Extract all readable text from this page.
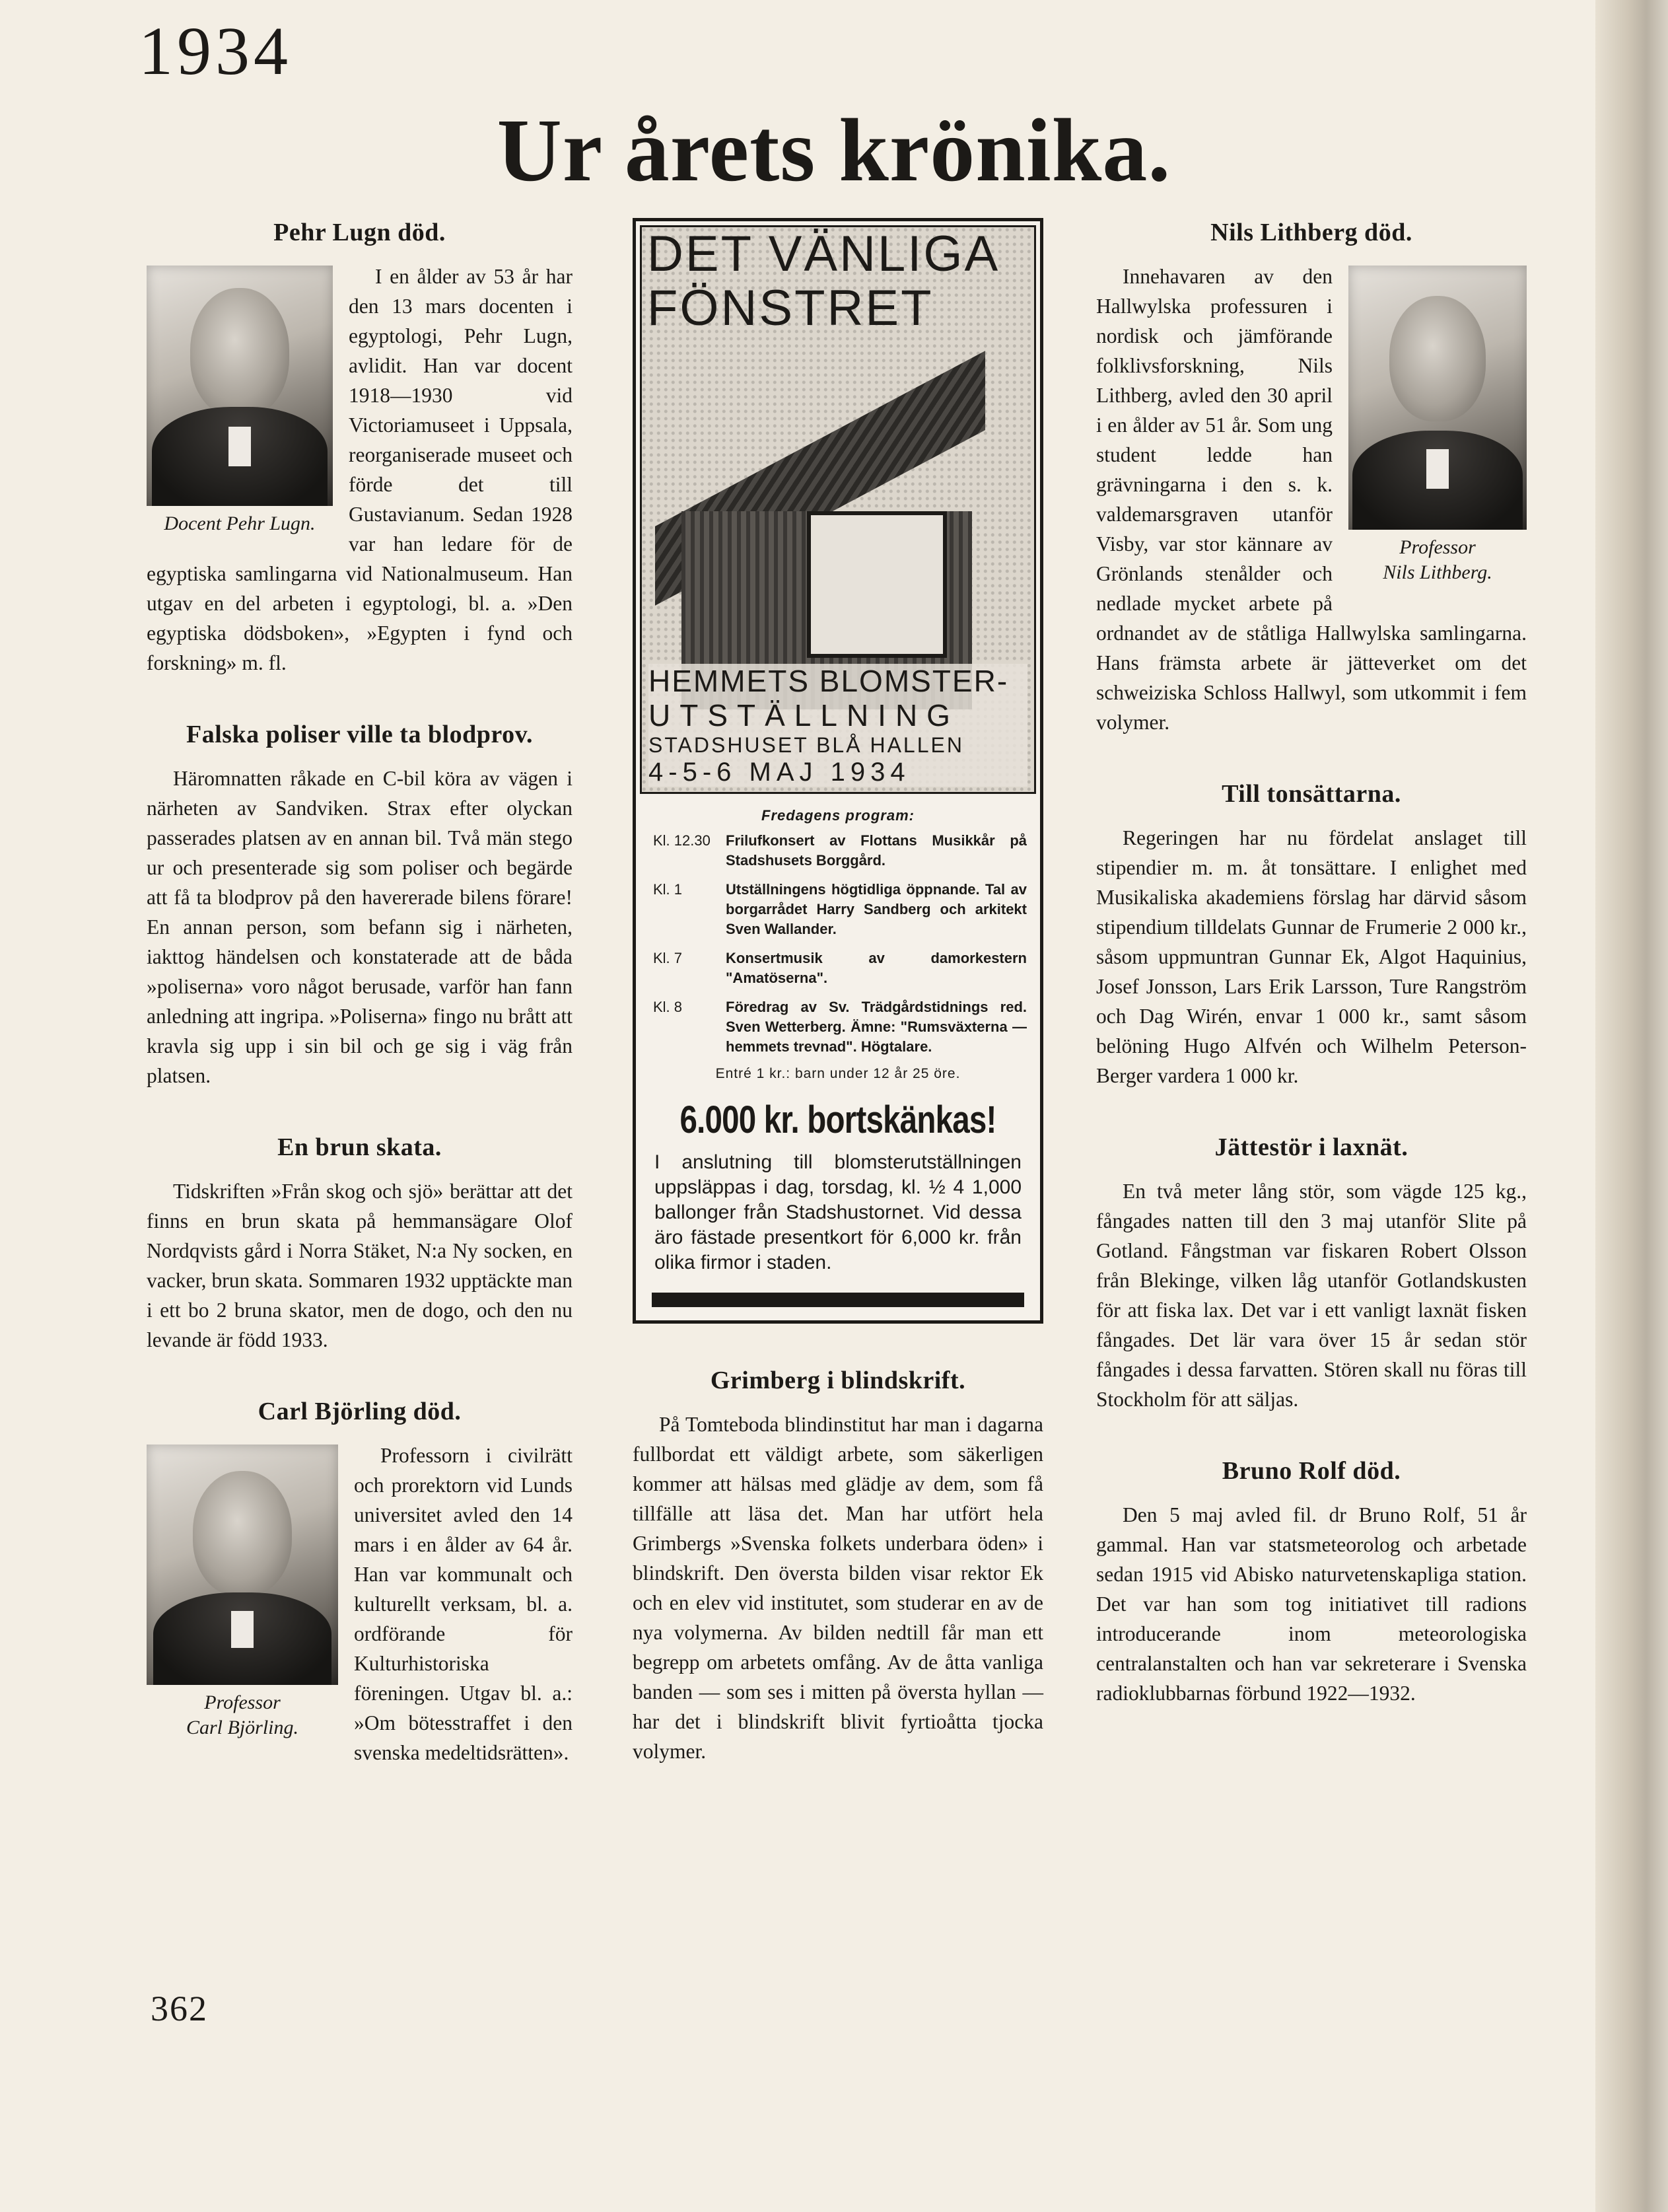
1934
Ur årets krönika.
Pehr Lugn död.
Docent Pehr Lugn.

I en ålder av 53 år har den 13 mars docenten i egyptologi, Pehr Lugn, avlidit. Han var docent 1918—1930 vid Victoriamuseet i Uppsala, reorganiserade museet och förde det till Gustavianum. Sedan 1928 var han ledare för de egyptiska samlingarna vid Nationalmuseum. Han utgav en del arbeten i egyptologi, bl. a. »Den egyptiska dödsboken», »Egypten i fynd och forskning» m. fl.

Falska poliser ville ta blodprov.

Häromnatten råkade en C-bil köra av vägen i närheten av Sandviken. Strax efter olyckan passerades platsen av en annan bil. Två män stego ur och presenterade sig som poliser och begärde att få ta blodprov på den havererade bilens förare! En annan person, som befann sig i närheten, iakttog händelsen och konstaterade att de båda »poliserna» voro något berusade, varför han fann anledning att ingripa. »Poliserna» fingo nu brått att kravla sig upp i sin bil och ge sig i väg från platsen.

En brun skata.

Tidskriften »Från skog och sjö» berättar att det finns en brun skata på hemmansägare Olof Nordqvists gård i Norra Stäket, N:a Ny socken, en vacker, brun skata. Sommaren 1932 upptäckte man i ett bo 2 bruna skator, men de dogo, och den nu levande är född 1933.

Carl Björling död.
Professor
Carl Björling.

Professorn i civilrätt och prorektorn vid Lunds universitet avled den 14 mars i en ålder av 64 år. Han var kommunalt och kulturellt verksam, bl. a. ordförande för Kulturhistoriska föreningen. Utgav bl. a.: »Om bötesstraffet i den svenska medeltidsrätten».

DET VÄNLIGA
FÖNSTRET
HEMMETS BLOMSTER-
UTSTÄLLNING
STADSHUSET BLÅ HALLEN
4-5-6 MAJ 1934
Fredagens program:
Kl. 12.30	Frilufkonsert av Flottans Musikkår på Stadshusets Borggård.
Kl. 1	Utställningens högtidliga öppnande. Tal av borgarrådet Harry Sandberg och arkitekt Sven Wallander.
Kl. 7	Konsertmusik av damorkestern "Amatöserna".
Kl. 8	Föredrag av Sv. Trädgårdstidnings red. Sven Wetterberg. Ämne: "Rumsväxterna — hemmets trevnad". Högtalare.
Entré 1 kr.: barn under 12 år 25 öre.
6.000 kr. bortskänkas!
I anslutning till blomsterutställningen uppsläppas i dag, torsdag, kl. ½ 4 1,000 ballonger från Stadshustornet. Vid dessa äro fästade presentkort för 6,000 kr. från olika firmor i staden.
Grimberg i blindskrift.

På Tomteboda blindinstitut har man i dagarna fullbordat ett väldigt arbete, som säkerligen kommer att hälsas med glädje av dem, som få tillfälle att läsa det. Man har utfört hela Grimbergs »Svenska folkets underbara öden» i blindskrift. Den översta bilden visar rektor Ek och en elev vid institutet, som studerar en av de nya volymerna. Av bilden nedtill får man ett begrepp om arbetets omfång. Av de åtta vanliga banden — som ses i mitten på översta hyllan — har det i blindskrift blivit fyrtioåtta tjocka volymer.

Nils Lithberg död.
Professor
Nils Lithberg.

Innehavaren av den Hallwylska professuren i nordisk och jämförande folklivsforskning, Nils Lithberg, avled den 30 april i en ålder av 51 år. Som ung student ledde han grävningarna i den s. k. valdemarsgraven utanför Visby, var stor kännare av Grönlands stenålder och nedlade mycket arbete på ordnandet av de ståtliga Hallwylska samlingarna. Hans främsta arbete är jätteverket om det schweiziska Schloss Hallwyl, som utkommit i fem volymer.

Till tonsättarna.

Regeringen har nu fördelat anslaget till stipendier m. m. åt tonsättare. I enlighet med Musikaliska akademiens förslag har därvid såsom stipendium tilldelats Gunnar de Frumerie 2 000 kr., såsom uppmuntran Gunnar Ek, Algot Haquinius, Josef Jonsson, Lars Erik Larsson, Ture Rangström och Dag Wirén, envar 1 000 kr., samt såsom belöning Hugo Alfvén och Wilhelm Peterson-Berger vardera 1 000 kr.

Jättestör i laxnät.

En två meter lång stör, som vägde 125 kg., fångades natten till den 3 maj utanför Slite på Gotland. Fångstman var fiskaren Robert Olsson från Blekinge, vilken låg utanför Gotlandskusten för att fiska lax. Det var i ett vanligt laxnät fisken fångades. Det lär vara över 15 år sedan stör fångades i dessa farvatten. Stören skall nu föras till Stockholm för att säljas.

Bruno Rolf död.

Den 5 maj avled fil. dr Bruno Rolf, 51 år gammal. Han var statsmeteorolog och arbetade sedan 1915 vid Abisko naturvetenskapliga station. Det var han som tog initiativet till radions introducerande inom meteorologiska centralanstalten och han var sekreterare i Svenska radioklubbarnas förbund 1922—1932.

362
